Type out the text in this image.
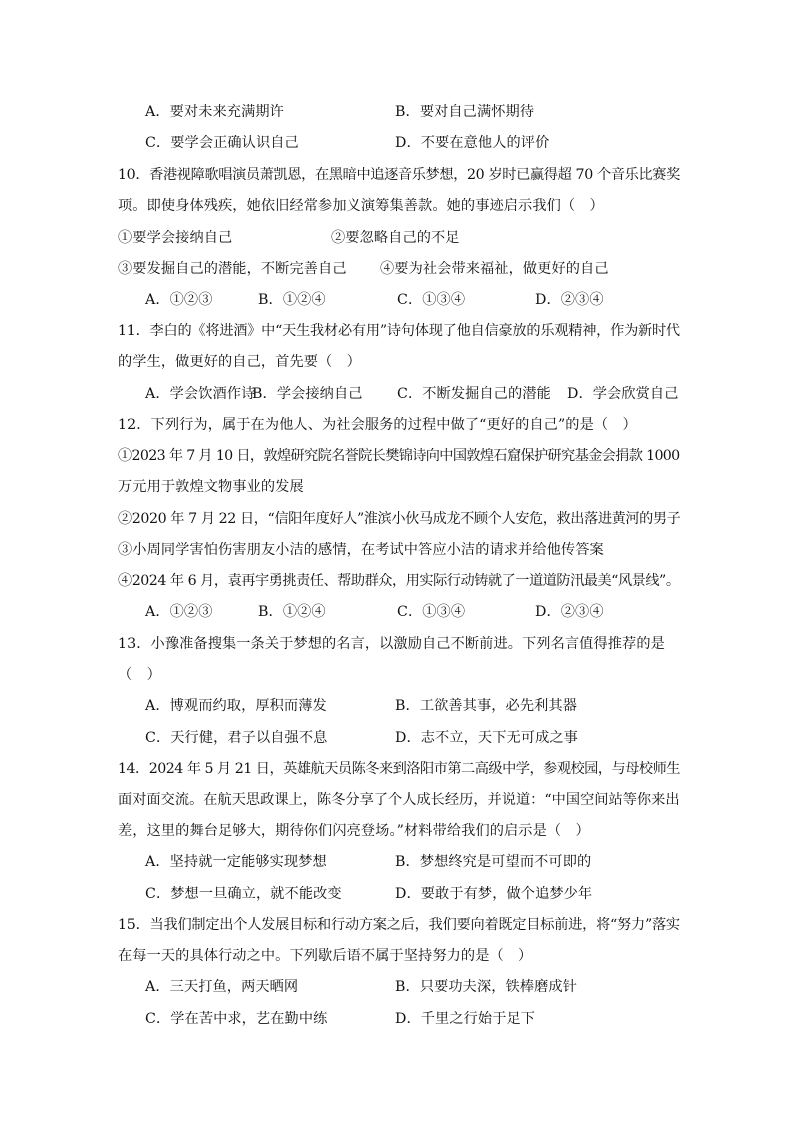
A．要对未来充满期许	B．要对自己满怀期待
C．要学会正确认识自己	D．不要在意他人的评价
10．香港视障歌唱演员萧凯恩，在黑暗中追逐音乐梦想，20 岁时已赢得超 70 个音乐比赛奖
项。即使身体残疾，她依旧经常参加义演筹集善款。她的事迹启示我们（　）
①要学会接纳自己	②要忽略自己的不足
③要发掘自己的潜能，不断完善自己 ④要为社会带来福祉，做更好的自己
A．①②③	B．①②④	C．①③④	D．②③④
11．李白的《将进酒》中“天生我材必有用”诗句体现了他自信豪放的乐观精神，作为新时代
的学生，做更好的自己，首先要（　）
A．学会饮酒作诗
B．学会接纳自己 C．不断发掘自己的潜能 D．学会欣赏自己
12．下列行为，属于在为他人、为社会服务的过程中做了“更好的自己”的是（　）
①2023 年 7 月 10 日，敦煌研究院名誉院长樊锦诗向中国敦煌石窟保护研究基金会捐款 1000
万元用于敦煌文物事业的发展
②2020 年 7 月 22 日，“信阳年度好人”淮滨小伙马成龙不顾个人安危，救出落进黄河的男子
③小周同学害怕伤害朋友小洁的感情，在考试中答应小洁的请求并给他传答案
④2024 年 6 月，袁再宇勇挑责任、帮助群众，用实际行动铸就了一道道防汛最美“风景线”。
A．①②③	B．①②④	C．①③④	D．②③④
13．小豫准备搜集一条关于梦想的名言，以激励自己不断前进。下列名言值得推荐的是
（　）
A．博观而约取，厚积而薄发	B．工欲善其事，必先利其器
C．天行健，君子以自强不息	D．志不立，天下无可成之事
14．2024 年 5 月 21 日，英雄航天员陈冬来到洛阳市第二高级中学，参观校园，与母校师生
面对面交流。在航天思政课上，陈冬分享了个人成长经历，并说道：“中国空间站等你来出
差，这里的舞台足够大，期待你们闪亮登场。”材料带给我们的启示是（　）
A．坚持就一定能够实现梦想	B．梦想终究是可望而不可即的
C．梦想一旦确立，就不能改变	D．要敢于有梦，做个追梦少年
15．当我们制定出个人发展目标和行动方案之后，我们要向着既定目标前进，将“努力”落实
在每一天的具体行动之中。下列歇后语不属于坚持努力的是（　）
A．三天打鱼，两天晒网	B．只要功夫深，铁棒磨成针
C．学在苦中求，艺在勤中练	D．千里之行始于足下
